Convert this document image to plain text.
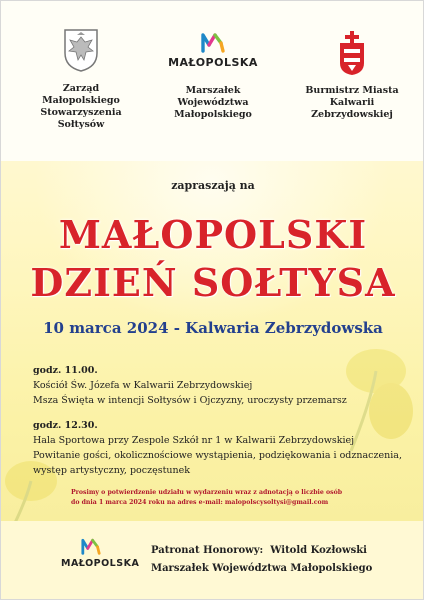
Zarząd Małopolskiego Stowarzyszenia Sołtysów
MAŁOPOLSKA
Marszałek Województwa Małopolskiego
Burmistrz Miasta Kalwarii Zebrzydowskiej
zapraszają na
MAŁOPOLSKI
DZIEŃ SOŁTYSA
10 marca 2024 - Kalwaria Zebrzydowska
godz. 11.00.
Kościół Św. Józefa w Kalwarii Zebrzydowskiej
Msza Święta w intencji Sołtysów i Ojczyzny, uroczysty przemarsz
godz. 12.30.
Hala Sportowa przy Zespole Szkół nr 1 w Kalwarii Zebrzydowskiej
Powitanie gości, okolicznościowe wystąpienia, podziękowania i odznaczenia,
występ artystyczny, poczęstunek
Prosimy o potwierdzenie udziału w wydarzeniu wraz z adnotacją o liczbie osób
do dnia 1 marca 2024 roku na adres e-mail: malopolscysoltysi@gmail.com
MAŁOPOLSKA
Patronat Honorowy:  Witold Kozłowski
Marszałek Województwa Małopolskiego
